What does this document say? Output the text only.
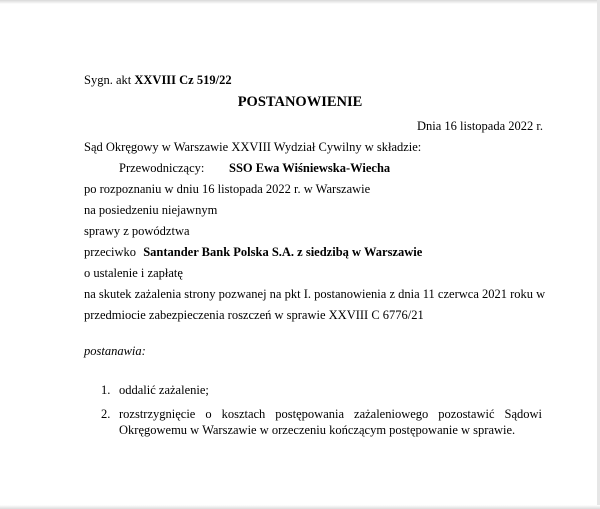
Sygn. akt XXVIII Cz 519/22
POSTANOWIENIE
Dnia 16 listopada 2022 r.
Sąd Okręgowy w Warszawie XXVIII Wydział Cywilny w składzie:
Przewodniczący: SSO Ewa Wiśniewska-Wiecha
po rozpoznaniu w dniu 16 listopada 2022 r. w Warszawie
na posiedzeniu niejawnym
sprawy z powództwa
przeciwko Santander Bank Polska S.A. z siedzibą w Warszawie
o ustalenie i zapłatę
na skutek zażalenia strony pozwanej na pkt I. postanowienia z dnia 11 czerwca 2021 roku w
przedmiocie zabezpieczenia roszczeń w sprawie XXVIII C 6776/21
postanawia:
1. oddalić zażalenie;
2. rozstrzygnięcie o kosztach postępowania zażaleniowego pozostawić Sądowi
Okręgowemu w Warszawie w orzeczeniu kończącym postępowanie w sprawie.
